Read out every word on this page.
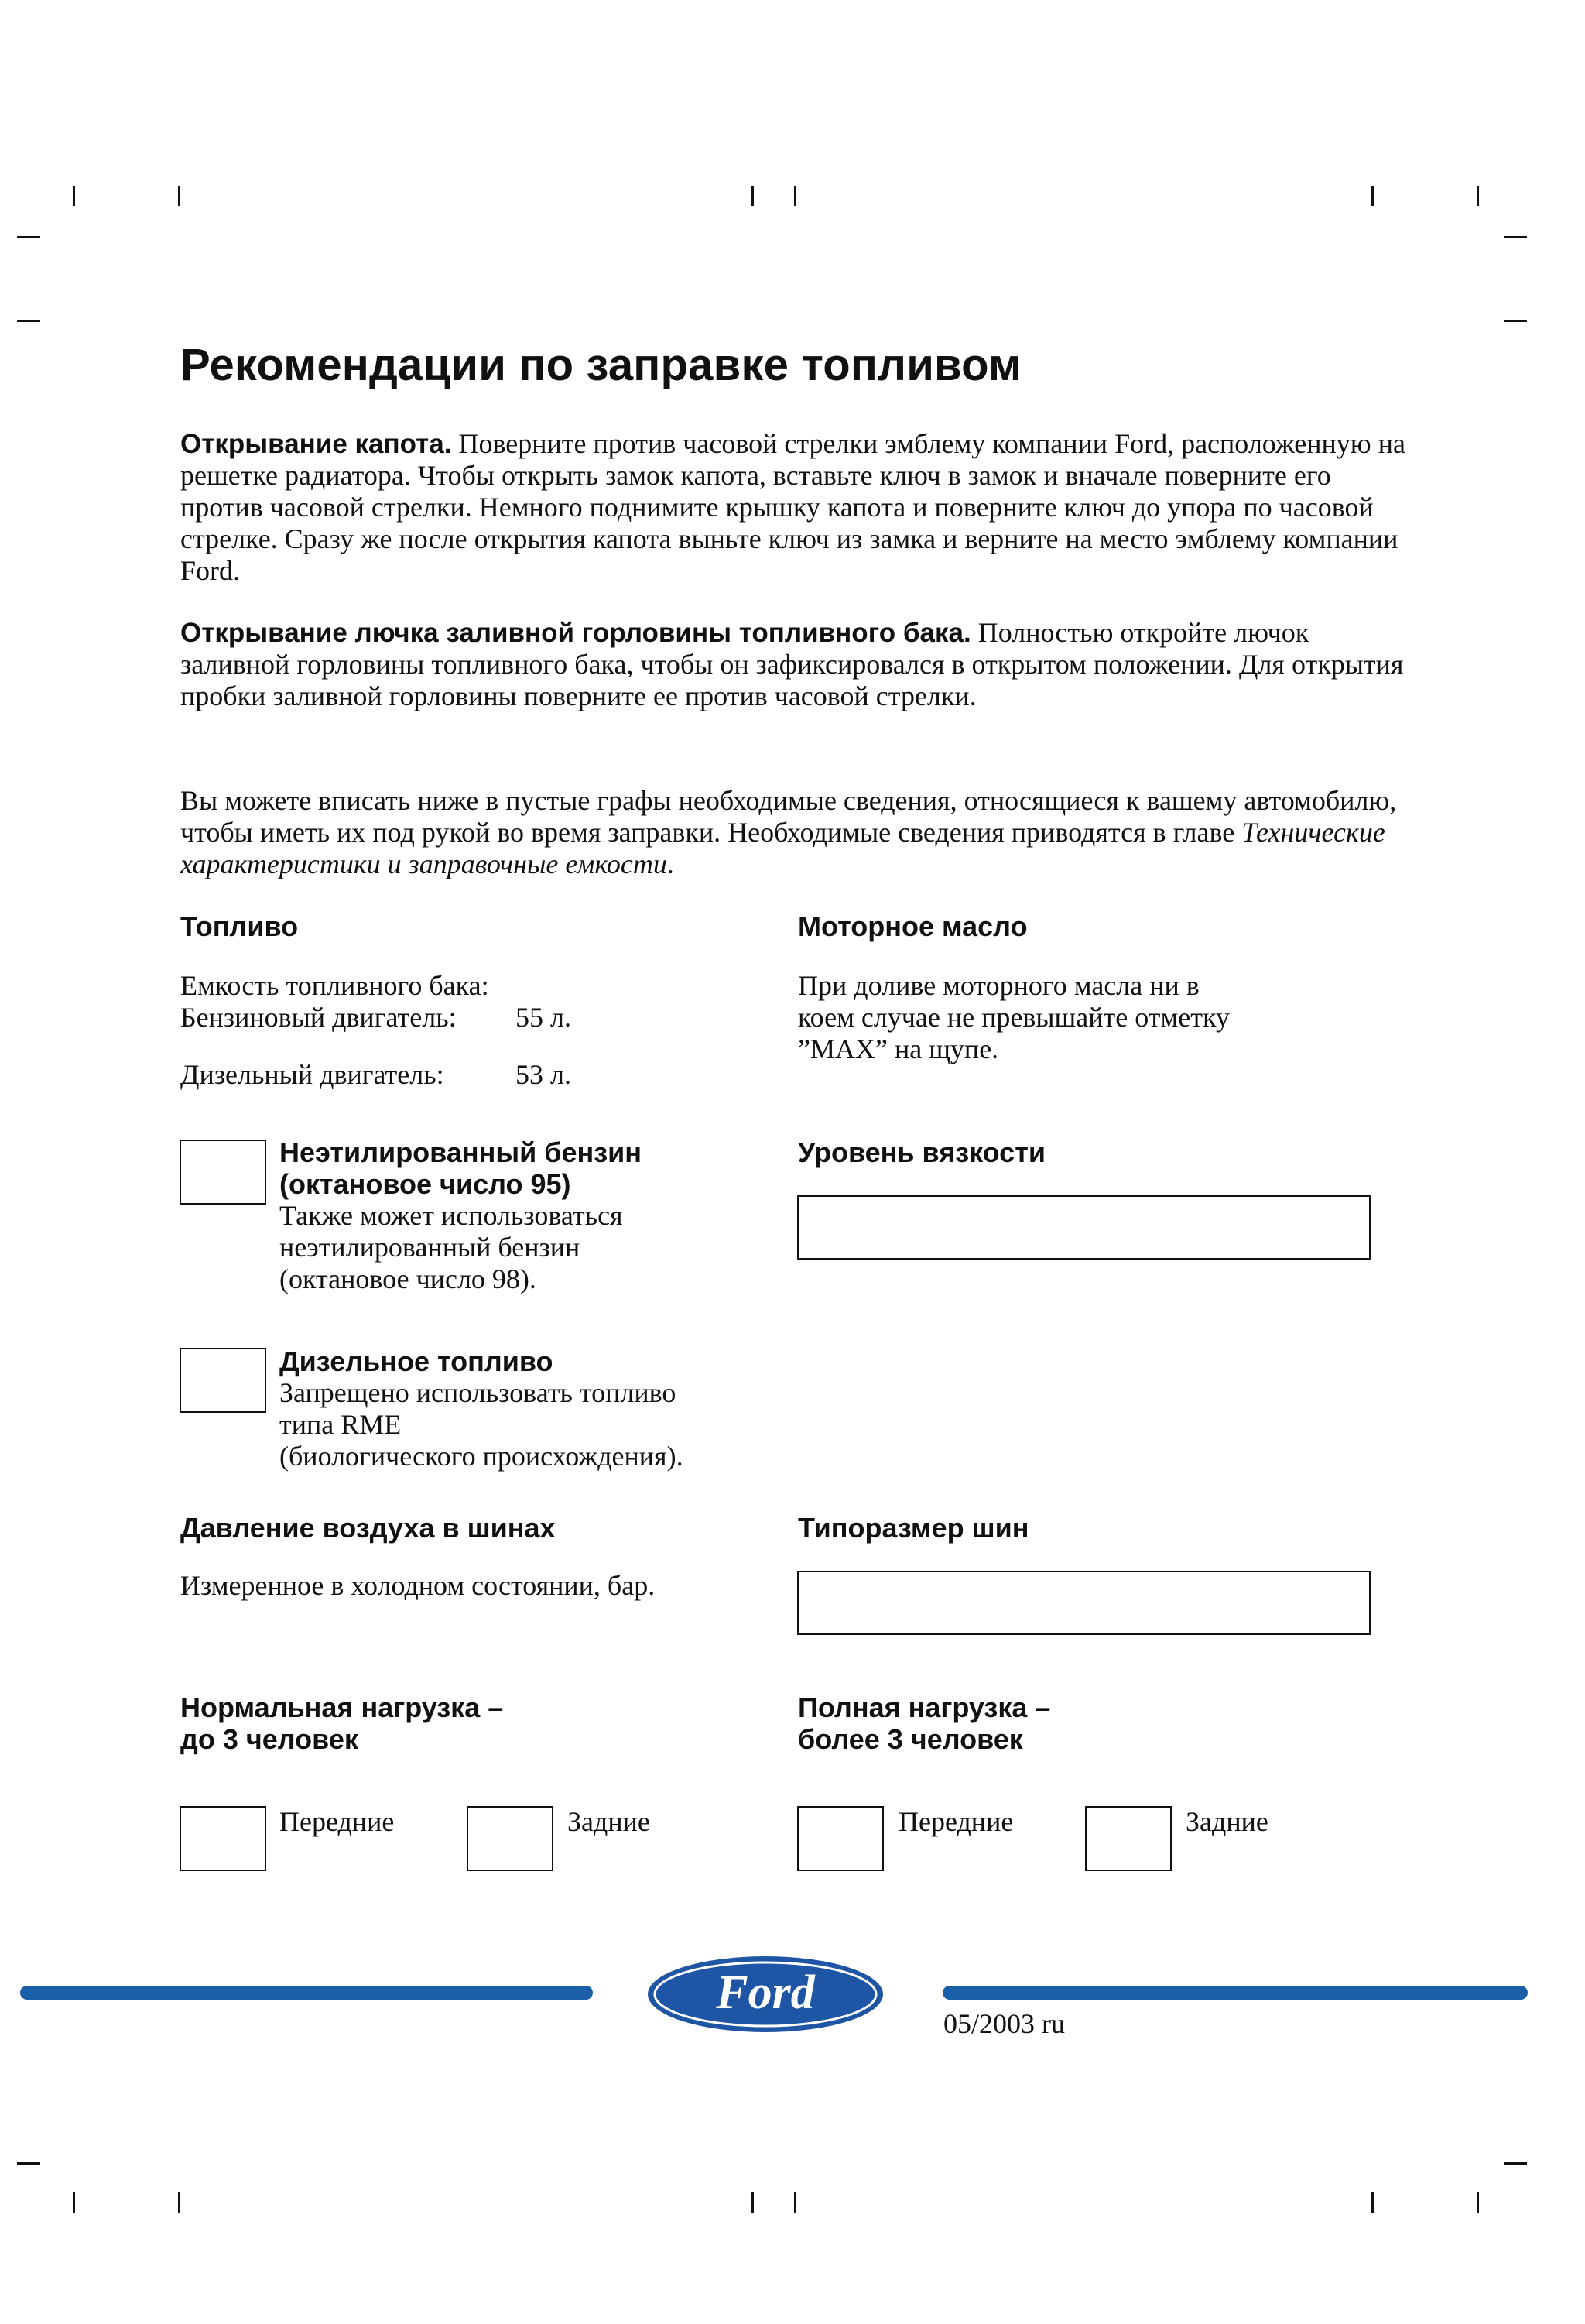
Рекомендации по заправке топливом

Открывание капота. Поверните против часовой стрелки эмблему компании Ford, расположенную на решетке радиатора. Чтобы открыть замок капота, вставьте ключ в замок и вначале поверните его против часовой стрелки. Немного поднимите крышку капота и поверните ключ до упора по часовой стрелке. Сразу же после открытия капота выньте ключ из замка и верните на место эмблему компании Ford.

Открывание лючка заливной горловины топливного бака. Полностью откройте лючок заливной горловины топливного бака, чтобы он зафиксировался в открытом положении. Для открытия пробки заливной горловины поверните ее против часовой стрелки.

Вы можете вписать ниже в пустые графы необходимые сведения, относящиеся к вашему автомобилю, чтобы иметь их под рукой во время заправки. Необходимые сведения приводятся в главе Технические характеристики и заправочные емкости.

Топливо
Емкость топливного бака:
Бензиновый двигатель: 55 л.
Дизельный двигатель:	53 л.
Неэтилированный бензин
(октановое число 95)
Также может использоваться
неэтилированный бензин
(октановое число 98).
Дизельное топливо
Запрещено использовать топливо
типа RME
(биологического происхождения).
Моторное масло
При доливе моторного масла ни в
коем случае не превышайте отметку
”MAX” на щупе.
Уровень вязкости
Давление воздуха в шинах
Измеренное в холодном состоянии, бар.
Типоразмер шин
Нормальная нагрузка –
до 3 человек
Полная нагрузка –
более 3 человек
Передние	Задние	Передние	Задние
Ford
05/2003 ru
